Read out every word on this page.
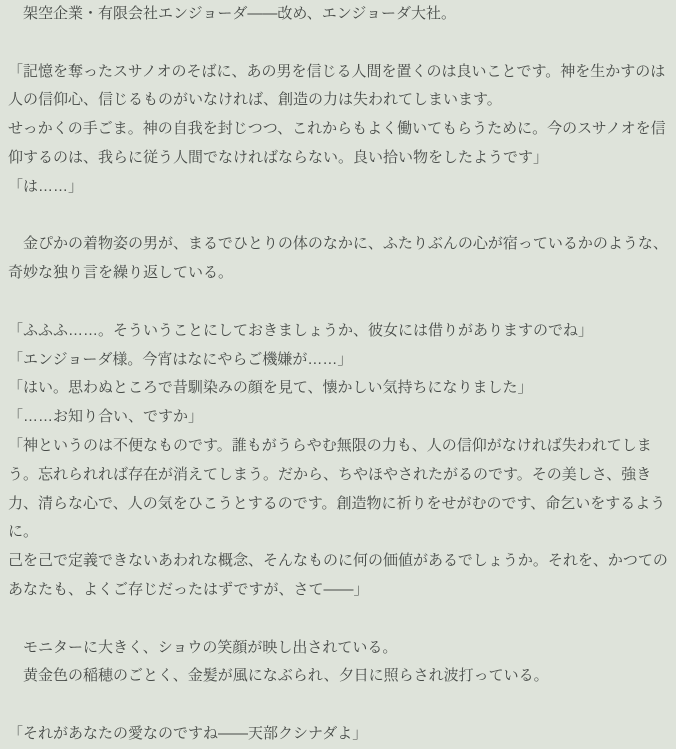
　架空企業・有限会社エンジョーダ――改め、エンジョーダ大社。

「記憶を奪ったスサノオのそばに、あの男を信じる人間を置くのは良いことです。神を生かすのは
人の信仰心、信じるものがいなければ、創造の力は失われてしまいます。
せっかくの手ごま。神の自我を封じつつ、これからもよく働いてもらうために。今のスサノオを信
仰するのは、我らに従う人間でなければならない。良い拾い物をしたようです」
「は……」

　金ぴかの着物姿の男が、まるでひとりの体のなかに、ふたりぶんの心が宿っているかのような、
奇妙な独り言を繰り返している。

「ふふふ……。そういうことにしておきましょうか、彼女には借りがありますのでね」
「エンジョーダ様。今宵はなにやらご機嫌が……」
「はい。思わぬところで昔馴染みの顔を見て、懐かしい気持ちになりました」
「……お知り合い、ですか」
「神というのは不便なものです。誰もがうらやむ無限の力も、人の信仰がなければ失われてしま
う。忘れられれば存在が消えてしまう。だから、ちやほやされたがるのです。その美しさ、強き
力、清らな心で、人の気をひこうとするのです。創造物に祈りをせがむのです、命乞いをするよう
に。
己を己で定義できないあわれな概念、そんなものに何の価値があるでしょうか。それを、かつての
あなたも、よくご存じだったはずですが、さて――」

　モニターに大きく、ショウの笑顔が映し出されている。
　黄金色の稲穂のごとく、金髪が風になぶられ、夕日に照らされ波打っている。

「それがあなたの愛なのですね――天部クシナダよ」
